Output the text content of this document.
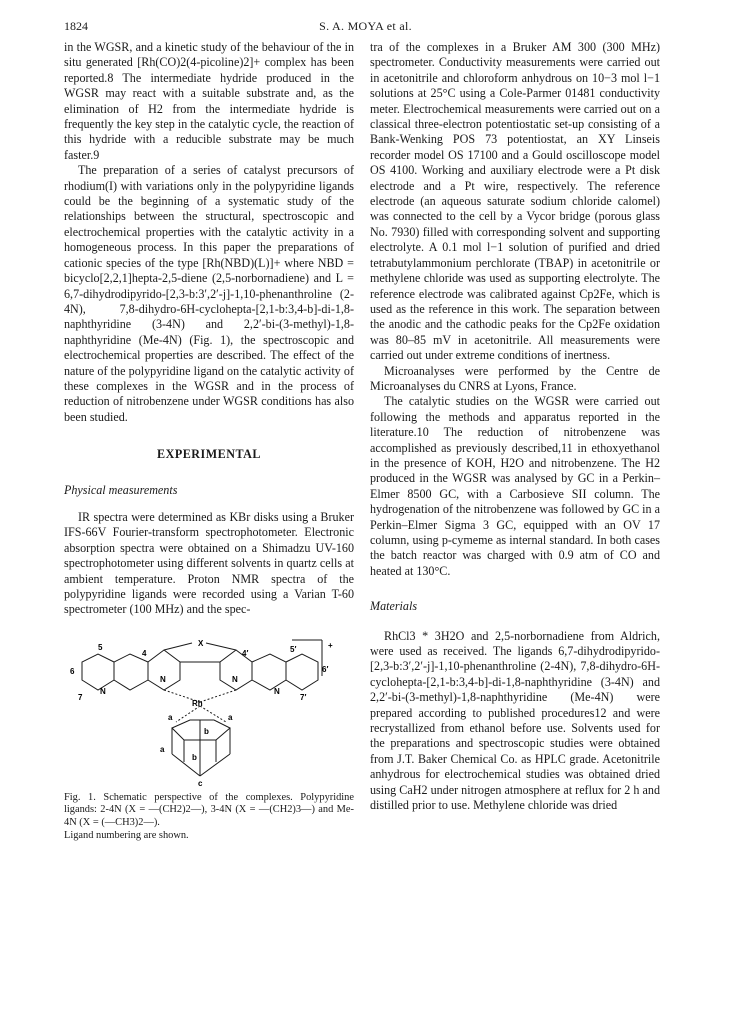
1824	S. A. MOYA et al.

in the WGSR, and a kinetic study of the behaviour of the in situ generated [Rh(CO)2(4-picoline)2]+ complex has been reported.8 The intermediate hydride produced in the WGSR may react with a suitable substrate and, as the elimination of H2 from the intermediate hydride is frequently the key step in the catalytic cycle, the reaction of this hydride with a reducible substrate may be much faster.9

The preparation of a series of catalyst precursors of rhodium(I) with variations only in the polypyridine ligands could be the beginning of a systematic study of the relationships between the structural, spectroscopic and electrochemical properties with the catalytic activity in a homogeneous process. In this paper the preparations of cationic species of the type [Rh(NBD)(L)]+ where NBD = bicyclo[2,2,1]hepta-2,5-diene (2,5-norbornadiene) and L = 6,7-dihydrodipyrido-[2,3-b:3′,2′-j]-1,10-phenanthroline (2-4N), 7,8-dihydro-6H-cyclohepta-[2,1-b:3,4-b]-di-1,8-naphthyridine (3-4N) and 2,2′-bi-(3-methyl)-1,8-naphthyridine (Me-4N) (Fig. 1), the spectroscopic and electrochemical properties are described. The effect of the nature of the polypyridine ligand on the catalytic activity of these complexes in the WGSR and in the process of reduction of nitrobenzene under WGSR conditions has also been studied.

EXPERIMENTAL
Physical measurements

IR spectra were determined as KBr disks using a Bruker IFS-66V Fourier-transform spectrophotometer. Electronic absorption spectra were obtained on a Shimadzu UV-160 spectrophotometer using different solvents in quartz cells at ambient temperature. Proton NMR spectra of the polypyridine ligands were recorded using a Varian T-60 spectrometer (100 MHz) and the spec-

X	+
4	4′
5	5′
6	6′
7	7′
N	N
N	N
Rh
a	a
a
b
b
c

Fig. 1. Schematic perspective of the complexes. Polypyridine ligands: 2-4N (X = —(CH2)2—), 3-4N (X = —(CH2)3—) and Me-4N (X = (—CH3)2—).

Ligand numbering are shown.

tra of the complexes in a Bruker AM 300 (300 MHz) spectrometer. Conductivity measurements were carried out in acetonitrile and chloroform anhydrous on 10−3 mol l−1 solutions at 25°C using a Cole-Parmer 01481 conductivity meter. Electrochemical measurements were carried out on a classical three-electron potentiostatic set-up consisting of a Bank-Wenking POS 73 potentiostat, an XY Linseis recorder model OS 17100 and a Gould oscilloscope model OS 4100. Working and auxiliary electrode were a Pt disk electrode and a Pt wire, respectively. The reference electrode (an aqueous saturate sodium chloride calomel) was connected to the cell by a Vycor bridge (porous glass No. 7930) filled with corresponding solvent and supporting electrolyte. A 0.1 mol l−1 solution of purified and dried tetrabutylammonium perchlorate (TBAP) in acetonitrile or methylene chloride was used as supporting electrolyte. The reference electrode was calibrated against Cp2Fe, which is used as the reference in this work. The separation between the anodic and the cathodic peaks for the Cp2Fe oxidation was 80–85 mV in acetonitrile. All measurements were carried out under extreme conditions of inertness.

Microanalyses were performed by the Centre de Microanalyses du CNRS at Lyons, France.

The catalytic studies on the WGSR were carried out following the methods and apparatus reported in the literature.10 The reduction of nitrobenzene was accomplished as previously described,11 in ethoxyethanol in the presence of KOH, H2O and nitrobenzene. The H2 produced in the WGSR was analysed by GC in a Perkin–Elmer 8500 GC, with a Carbosieve SII column. The hydrogenation of the nitrobenzene was followed by GC in a Perkin–Elmer Sigma 3 GC, equipped with an OV 17 column, using p-cymeme as internal standard. In both cases the batch reactor was charged with 0.9 atm of CO and heated at 130°C.

Materials

RhCl3 * 3H2O and 2,5-norbornadiene from Aldrich, were used as received. The ligands 6,7-dihydrodipyrido-[2,3-b:3′,2′-j]-1,10-phenanthroline (2-4N), 7,8-dihydro-6H-cyclohepta-[2,1-b:3,4-b]-di-1,8-naphthyridine (3-4N) and 2,2′-bi-(3-methyl)-1,8-naphthyridine (Me-4N) were prepared according to published procedures12 and were recrystallized from ethanol before use. Solvents used for the preparations and spectroscopic studies were obtained from J.T. Baker Chemical Co. as HPLC grade. Acetonitrile anhydrous for electrochemical studies was obtained dried using CaH2 under nitrogen atmosphere at reflux for 2 h and distilled prior to use. Methylene chloride was dried
